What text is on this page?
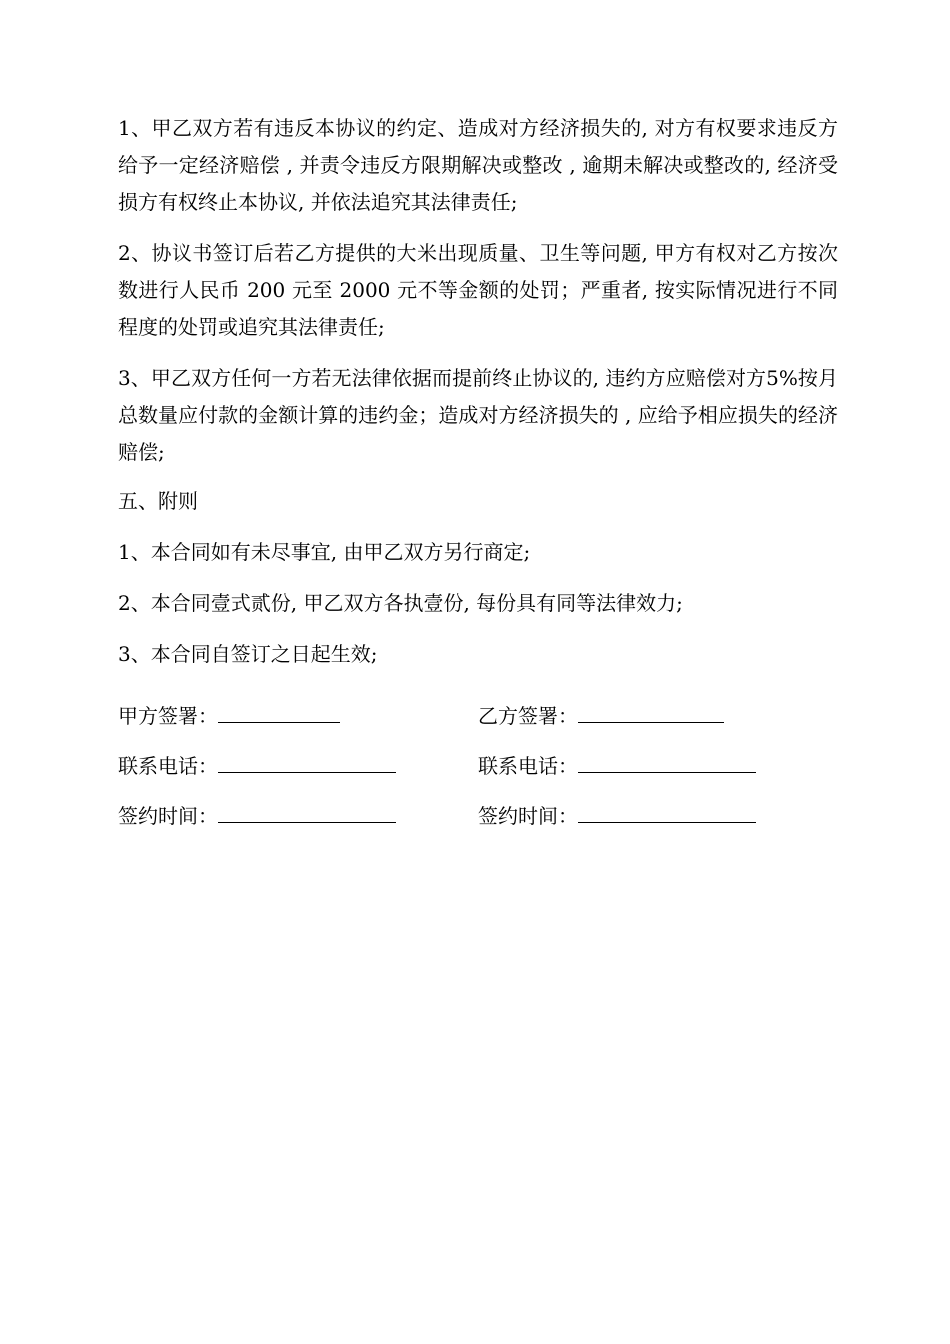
1、甲乙双方若有违反本协议的约定、造成对方经济损失的, 对方有权要求违反方给予一定经济赔偿 , 并责令违反方限期解决或整改 , 逾期未解决或整改的, 经济受损方有权终止本协议, 并依法追究其法律责任;

2、协议书签订后若乙方提供的大米出现质量、卫生等问题, 甲方有权对乙方按次数进行人民币 200 元至 2000 元不等金额的处罚；严重者, 按实际情况进行不同程度的处罚或追究其法律责任;

3、甲乙双方任何一方若无法律依据而提前终止协议的, 违约方应赔偿对方5%按月总数量应付款的金额计算的违约金；造成对方经济损失的 , 应给予相应损失的经济赔偿;

五、附则

1、本合同如有未尽事宜, 由甲乙双方另行商定;

2、本合同壹式贰份, 甲乙双方各执壹份, 每份具有同等法律效力;

3、本合同自签订之日起生效;

甲方签署：	乙方签署：
联系电话：	联系电话：
签约时间：	签约时间：
